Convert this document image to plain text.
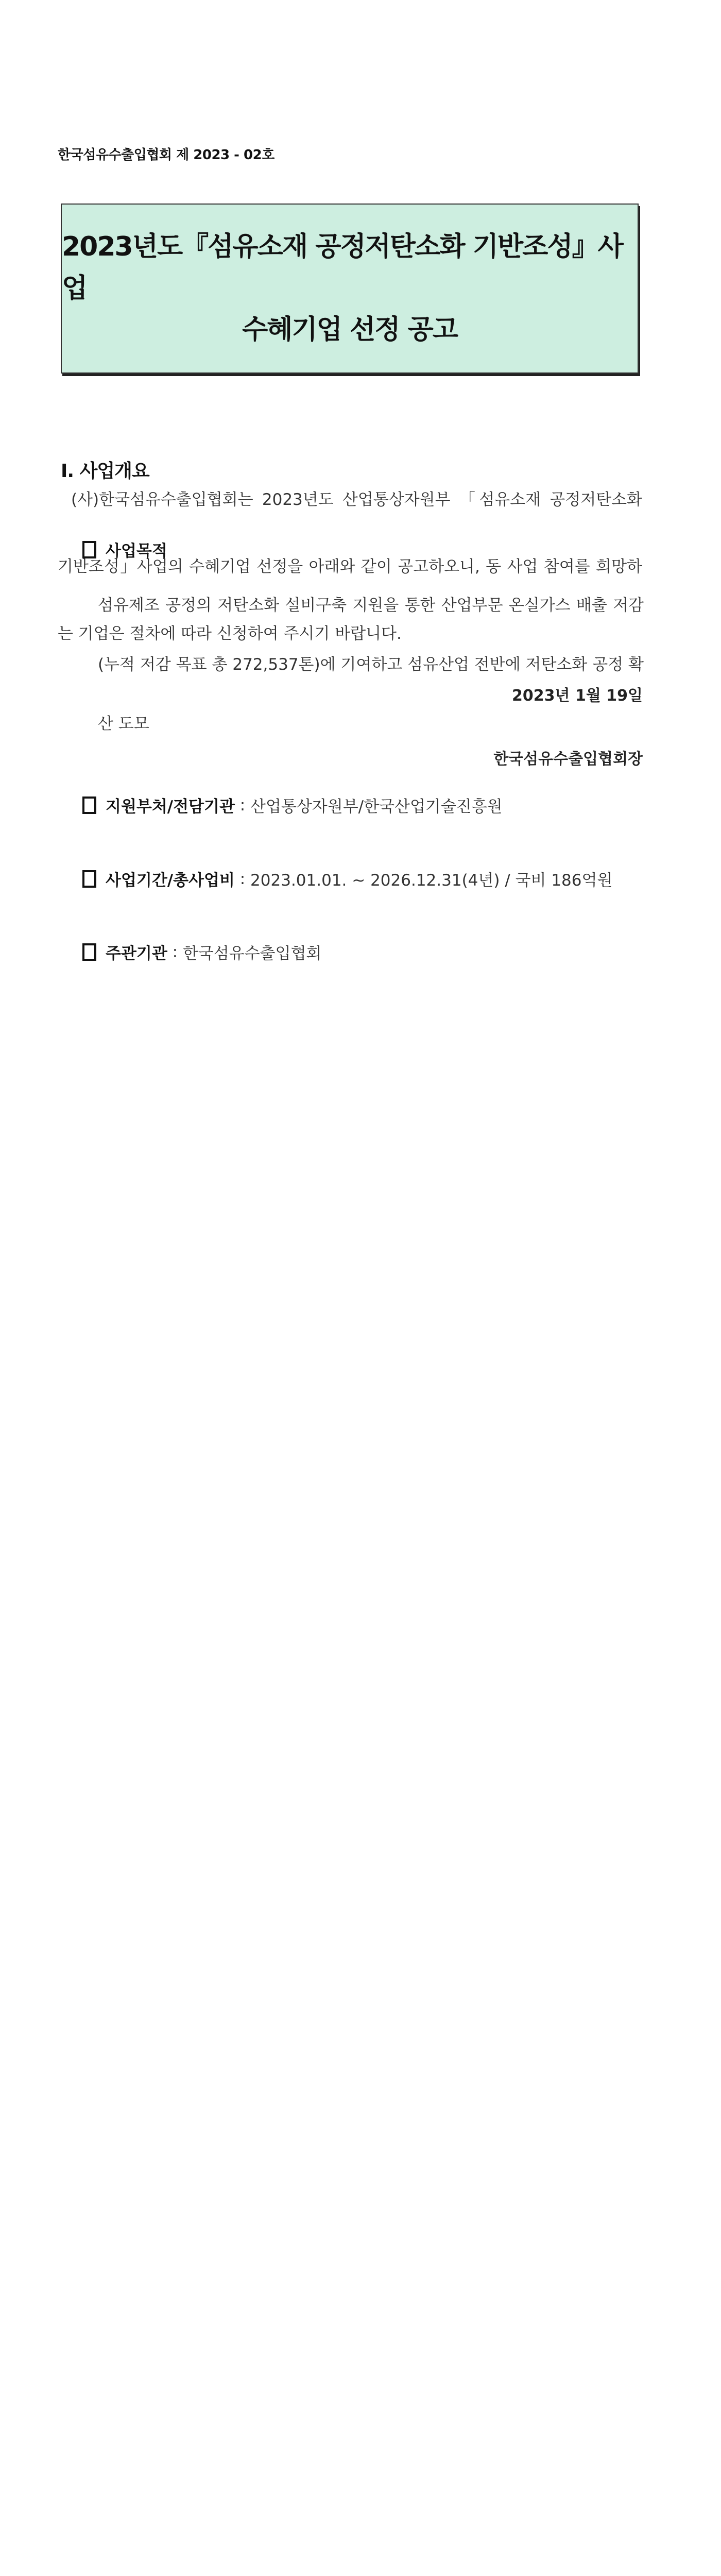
한국섬유수출입협회 제 2023 - 02호
2023년도『섬유소재 공정저탄소화 기반조성』사업
수혜기업 선정 공고
(사)한국섬유수출입협회는 2023년도 산업통상자원부 「섬유소재 공정저탄소화 기반조성」사업의 수혜기업 선정을 아래와 같이 공고하오니, 동 사업 참여를 희망하는 기업은 절차에 따라 신청하여 주시기 바랍니다.
2023년 1월 19일
한국섬유수출입협회장
Ⅰ. 사업개요
사업목적
섬유제조 공정의 저탄소화 설비구축 지원을 통한 산업부문 온실가스 배출 저감(누적 저감 목표 총 272,537톤)에 기여하고 섬유산업 전반에 저탄소화 공정 확산 도모
지원부처/전담기관 : 산업통상자원부/한국산업기술진흥원
사업기간/총사업비 : 2023.01.01. ~ 2026.12.31(4년) / 국비 186억원
주관기관 : 한국섬유수출입협회
